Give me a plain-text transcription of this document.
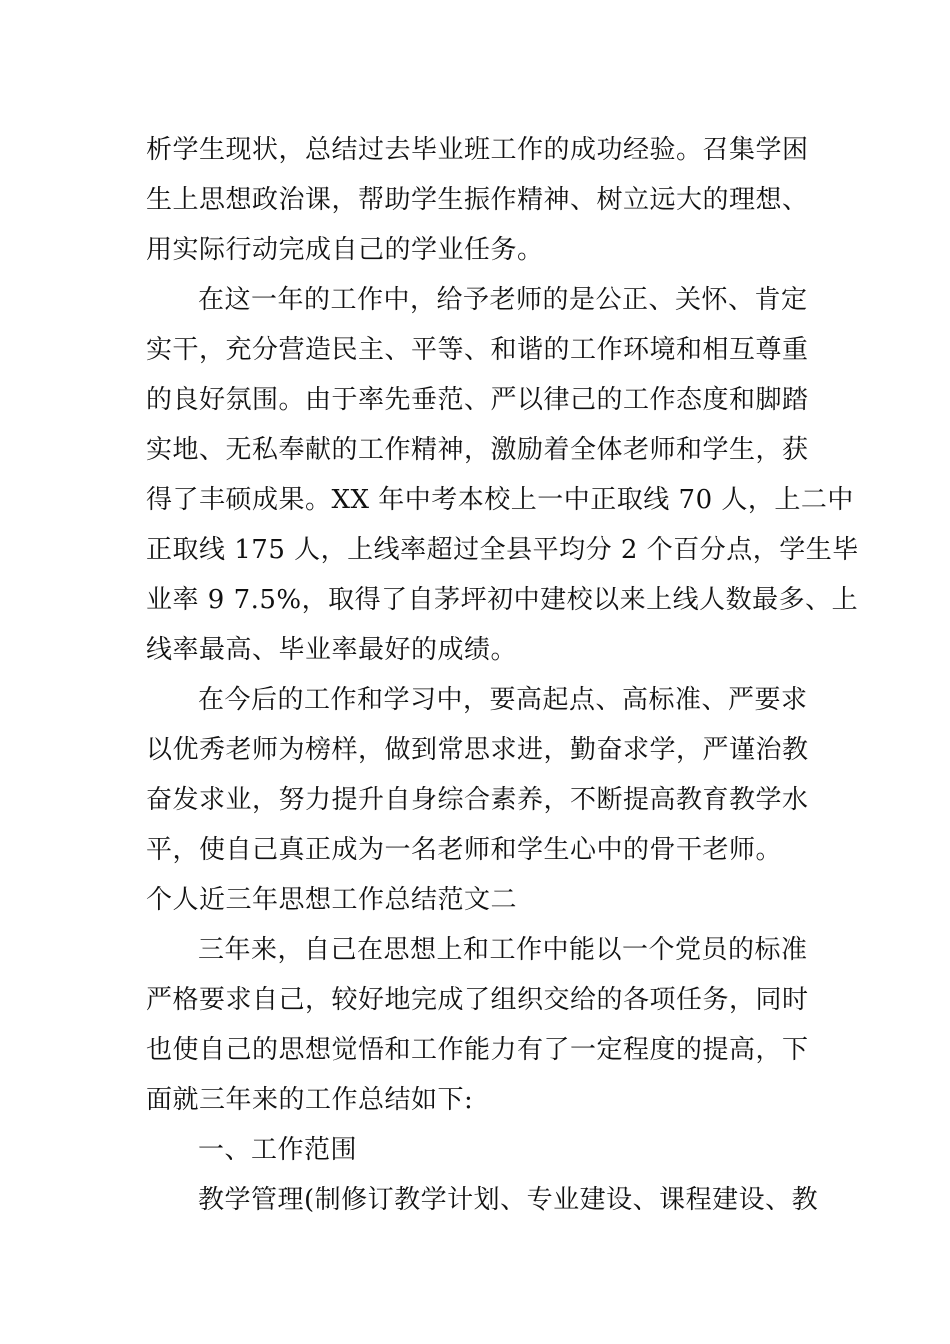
析学生现状，总结过去毕业班工作的成功经验。召集学困
生上思想政治课，帮助学生振作精神、树立远大的理想、
用实际行动完成自己的学业任务。
在这一年的工作中，给予老师的是公正、关怀、肯定
实干，充分营造民主、平等、和谐的工作环境和相互尊重
的良好氛围。由于率先垂范、严以律己的工作态度和脚踏
实地、无私奉献的工作精神，激励着全体老师和学生，获
得了丰硕成果。XX 年中考本校上一中正取线 70 人，上二中
正取线 175 人，上线率超过全县平均分 2 个百分点，学生毕
业率 9 7.5%，取得了自茅坪初中建校以来上线人数最多、上
线率最高、毕业率最好的成绩。
在今后的工作和学习中，要高起点、高标准、严要求
以优秀老师为榜样，做到常思求进，勤奋求学，严谨治教
奋发求业，努力提升自身综合素养，不断提高教育教学水
平，使自己真正成为一名老师和学生心中的骨干老师。
个人近三年思想工作总结范文二
三年来，自己在思想上和工作中能以一个党员的标准
严格要求自己，较好地完成了组织交给的各项任务，同时
也使自己的思想觉悟和工作能力有了一定程度的提高，下
面就三年来的工作总结如下:
一、工作范围
教学管理(制修订教学计划、专业建设、课程建设、教
